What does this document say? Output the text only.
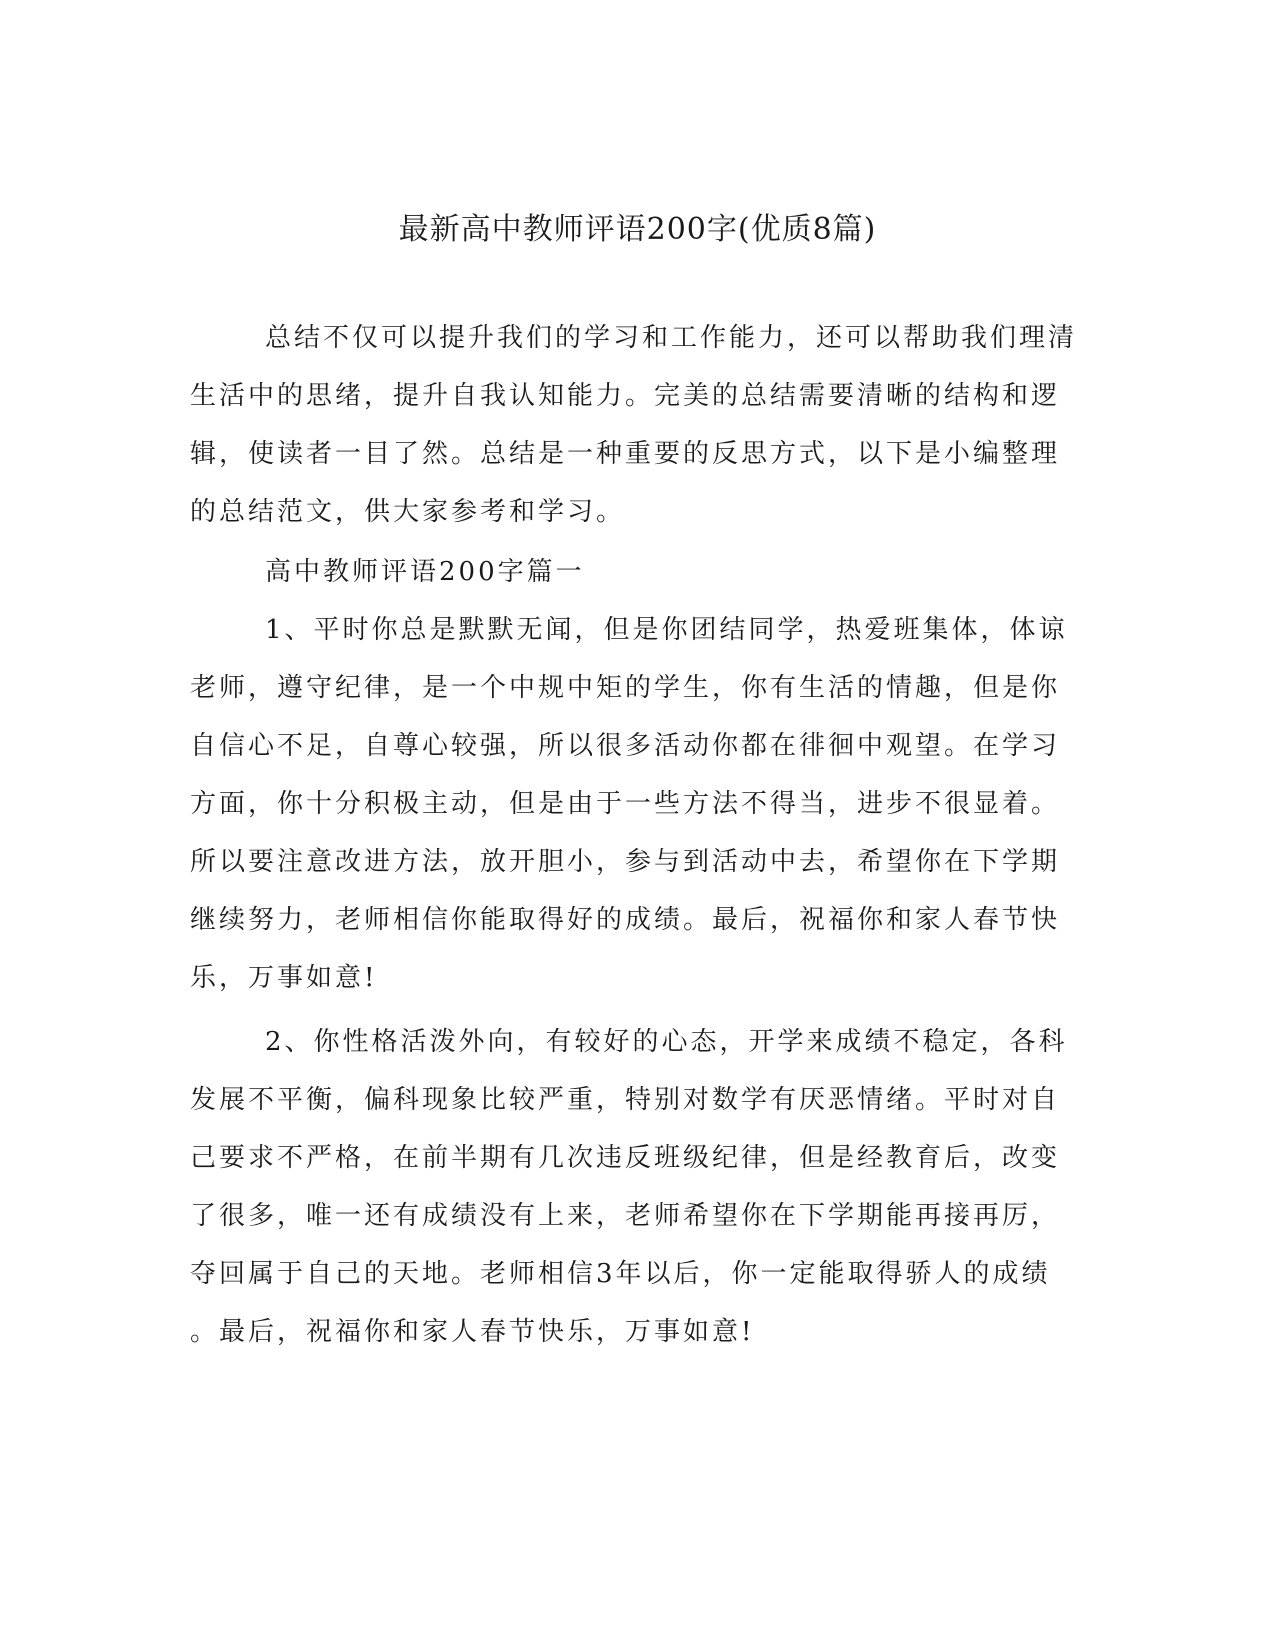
最新高中教师评语200字(优质8篇)
总结不仅可以提升我们的学习和工作能力，还可以帮助我们理清
生活中的思绪，提升自我认知能力。完美的总结需要清晰的结构和逻
辑，使读者一目了然。总结是一种重要的反思方式，以下是小编整理
的总结范文，供大家参考和学习。
高中教师评语200字篇一
1、平时你总是默默无闻，但是你团结同学，热爱班集体，体谅
老师，遵守纪律，是一个中规中矩的学生，你有生活的情趣，但是你
自信心不足，自尊心较强，所以很多活动你都在徘徊中观望。在学习
方面，你十分积极主动，但是由于一些方法不得当，进步不很显着。
所以要注意改进方法，放开胆小，参与到活动中去，希望你在下学期
继续努力，老师相信你能取得好的成绩。最后，祝福你和家人春节快
乐，万事如意!
2、你性格活泼外向，有较好的心态，开学来成绩不稳定，各科
发展不平衡，偏科现象比较严重，特别对数学有厌恶情绪。平时对自
己要求不严格，在前半期有几次违反班级纪律，但是经教育后，改变
了很多，唯一还有成绩没有上来，老师希望你在下学期能再接再厉，
夺回属于自己的天地。老师相信3年以后，你一定能取得骄人的成绩
。最后，祝福你和家人春节快乐，万事如意!
